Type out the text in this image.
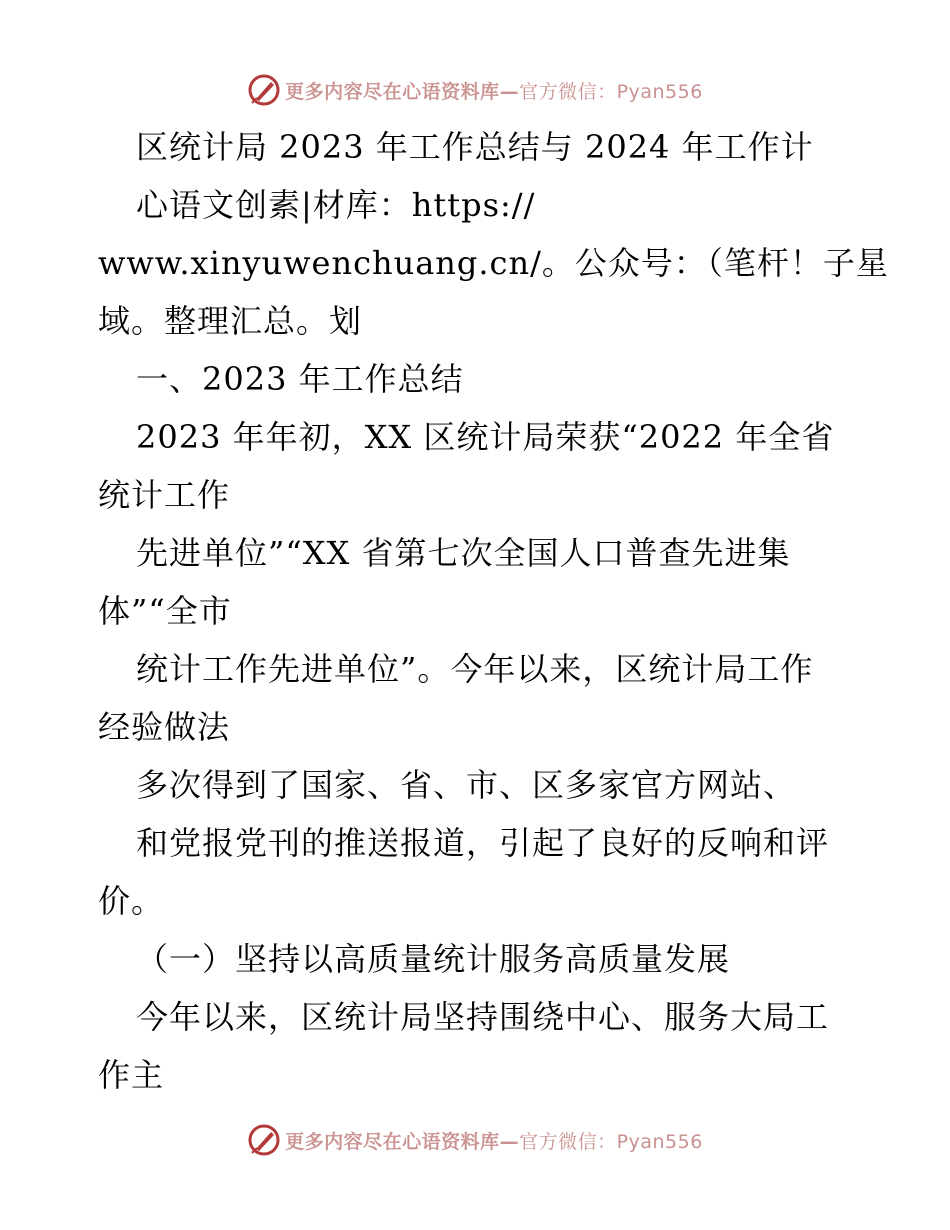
更多内容尽在心语资料库—官方微信：Pyan556
区统计局 2023 年工作总结与 2024 年工作计
心语文创素|材库：https://
www.xinyuwenchuang.cn/。公众号：（笔杆！子星
域。整理汇总。划
一、2023 年工作总结
2023 年年初，XX 区统计局荣获“2022 年全省
统计工作
先进单位”“XX 省第七次全国人口普查先进集
体”“全市
统计工作先进单位”。今年以来，区统计局工作
经验做法
多次得到了国家、省、市、区多家官方网站、
和党报党刊的推送报道，引起了良好的反响和评
价。
（一）坚持以高质量统计服务高质量发展
今年以来，区统计局坚持围绕中心、服务大局工
作主
更多内容尽在心语资料库—官方微信：Pyan556
